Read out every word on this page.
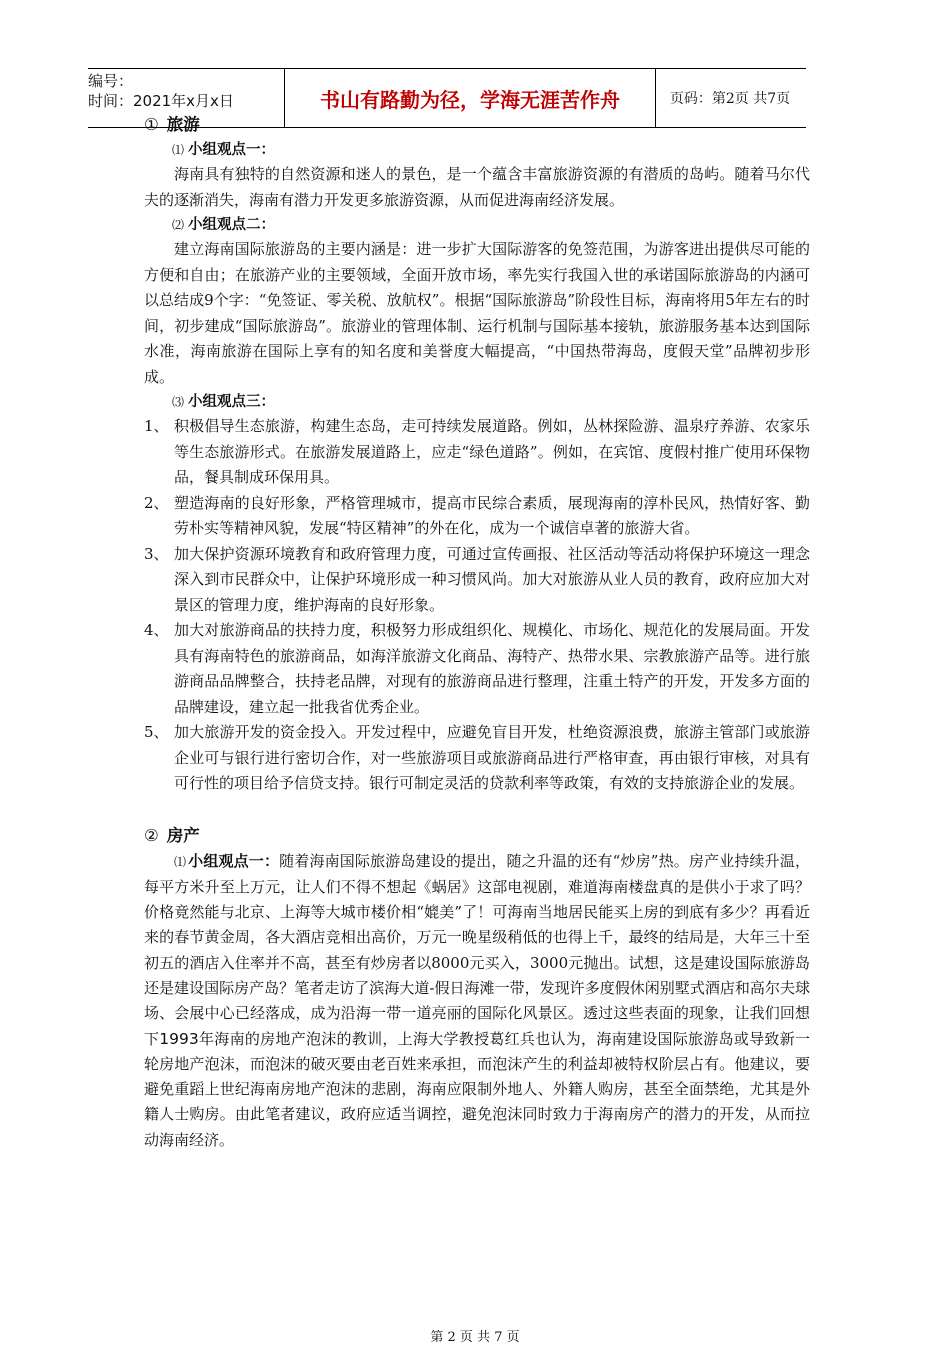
编号：
时间：2021年x月x日	书山有路勤为径，学海无涯苦作舟	页码：第2页 共7页
① 旅游
⑴ 小组观点一：
海南具有独特的自然资源和迷人的景色，是一个蕴含丰富旅游资源的有潜质的岛屿。随着马尔代夫的逐渐消失，海南有潜力开发更多旅游资源，从而促进海南经济发展。
⑵ 小组观点二：
建立海南国际旅游岛的主要内涵是：进一步扩大国际游客的免签范围，为游客进出提供尽可能的方便和自由；在旅游产业的主要领域，全面开放市场，率先实行我国入世的承诺国际旅游岛的内涵可以总结成9个字：“免签证、零关税、放航权”。根据“国际旅游岛”阶段性目标，海南将用5年左右的时间，初步建成“国际旅游岛”。旅游业的管理体制、运行机制与国际基本接轨，旅游服务基本达到国际水准，海南旅游在国际上享有的知名度和美誉度大幅提高，“中国热带海岛，度假天堂”品牌初步形成。
⑶ 小组观点三：
1、 积极倡导生态旅游，构建生态岛，走可持续发展道路。例如，丛林探险游、温泉疗养游、农家乐等生态旅游形式。在旅游发展道路上，应走“绿色道路”。例如，在宾馆、度假村推广使用环保物品，餐具制成环保用具。
2、 塑造海南的良好形象，严格管理城市，提高市民综合素质，展现海南的淳朴民风，热情好客、勤劳朴实等精神风貌，发展“特区精神”的外在化，成为一个诚信卓著的旅游大省。
3、 加大保护资源环境教育和政府管理力度，可通过宣传画报、社区活动等活动将保护环境这一理念深入到市民群众中，让保护环境形成一种习惯风尚。加大对旅游从业人员的教育，政府应加大对景区的管理力度，维护海南的良好形象。
4、 加大对旅游商品的扶持力度，积极努力形成组织化、规模化、市场化、规范化的发展局面。开发具有海南特色的旅游商品，如海洋旅游文化商品、海特产、热带水果、宗教旅游产品等。进行旅游商品品牌整合，扶持老品牌，对现有的旅游商品进行整理，注重土特产的开发，开发多方面的品牌建设，建立起一批我省优秀企业。
5、 加大旅游开发的资金投入。开发过程中，应避免盲目开发，杜绝资源浪费，旅游主管部门或旅游企业可与银行进行密切合作，对一些旅游项目或旅游商品进行严格审查，再由银行审核，对具有可行性的项目给予信贷支持。银行可制定灵活的贷款利率等政策，有效的支持旅游企业的发展。
② 房产
⑴ 小组观点一：随着海南国际旅游岛建设的提出，随之升温的还有“炒房”热。房产业持续升温，每平方米升至上万元，让人们不得不想起《蜗居》这部电视剧，难道海南楼盘真的是供小于求了吗？价格竟然能与北京、上海等大城市楼价相“媲美”了！可海南当地居民能买上房的到底有多少？再看近来的春节黄金周，各大酒店竞相出高价，万元一晚星级稍低的也得上千，最终的结局是，大年三十至初五的酒店入住率并不高，甚至有炒房者以8000元买入，3000元抛出。试想，这是建设国际旅游岛还是建设国际房产岛？笔者走访了滨海大道-假日海滩一带，发现许多度假休闲别墅式酒店和高尔夫球场、会展中心已经落成，成为沿海一带一道亮丽的国际化风景区。透过这些表面的现象，让我们回想下1993年海南的房地产泡沫的教训，上海大学教授葛红兵也认为，海南建设国际旅游岛或导致新一轮房地产泡沫，而泡沫的破灭要由老百姓来承担，而泡沫产生的利益却被特权阶层占有。他建议，要避免重蹈上世纪海南房地产泡沫的悲剧，海南应限制外地人、外籍人购房，甚至全面禁绝，尤其是外籍人士购房。由此笔者建议，政府应适当调控，避免泡沫同时致力于海南房产的潜力的开发，从而拉动海南经济。
第 2 页 共 7 页
